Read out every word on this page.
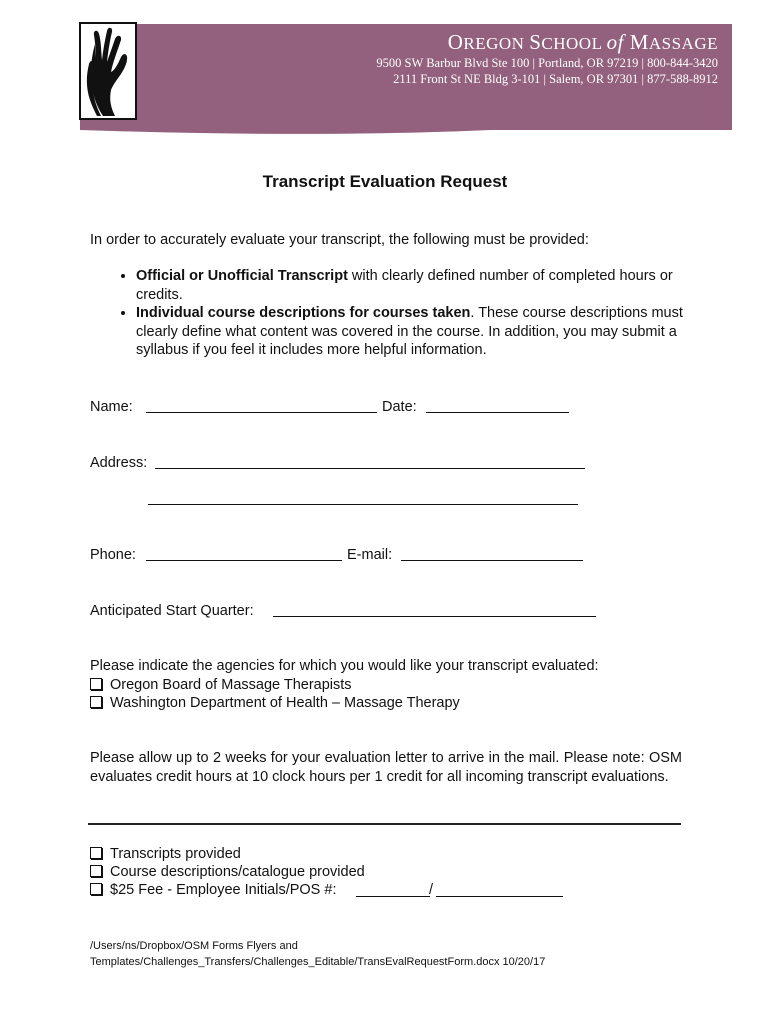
OREGON SCHOOL of MASSAGE
9500 SW Barbur Blvd Ste 100 | Portland, OR 97219 | 800-844-3420
2111 Front St NE Bldg 3-101 | Salem, OR 97301 | 877-588-8912
Transcript Evaluation Request
In order to accurately evaluate your transcript, the following must be provided:
• Official or Unofficial Transcript with clearly defined number of completed hours or credits.
• Individual course descriptions for courses taken. These course descriptions must clearly define what content was covered in the course. In addition, you may submit a syllabus if you feel it includes more helpful information.
Name:	Date:
Address:
Phone:	E-mail:
Anticipated Start Quarter:
Please indicate the agencies for which you would like your transcript evaluated:
Oregon Board of Massage Therapists
Washington Department of Health – Massage Therapy
Please allow up to 2 weeks for your evaluation letter to arrive in the mail. Please note: OSM evaluates credit hours at 10 clock hours per 1 credit for all incoming transcript evaluations.
Transcripts provided
Course descriptions/catalogue provided
$25 Fee - Employee Initials/POS #:	/
/Users/ns/Dropbox/OSM Forms Flyers and
Templates/Challenges_Transfers/Challenges_Editable/TransEvalRequestForm.docx 10/20/17
